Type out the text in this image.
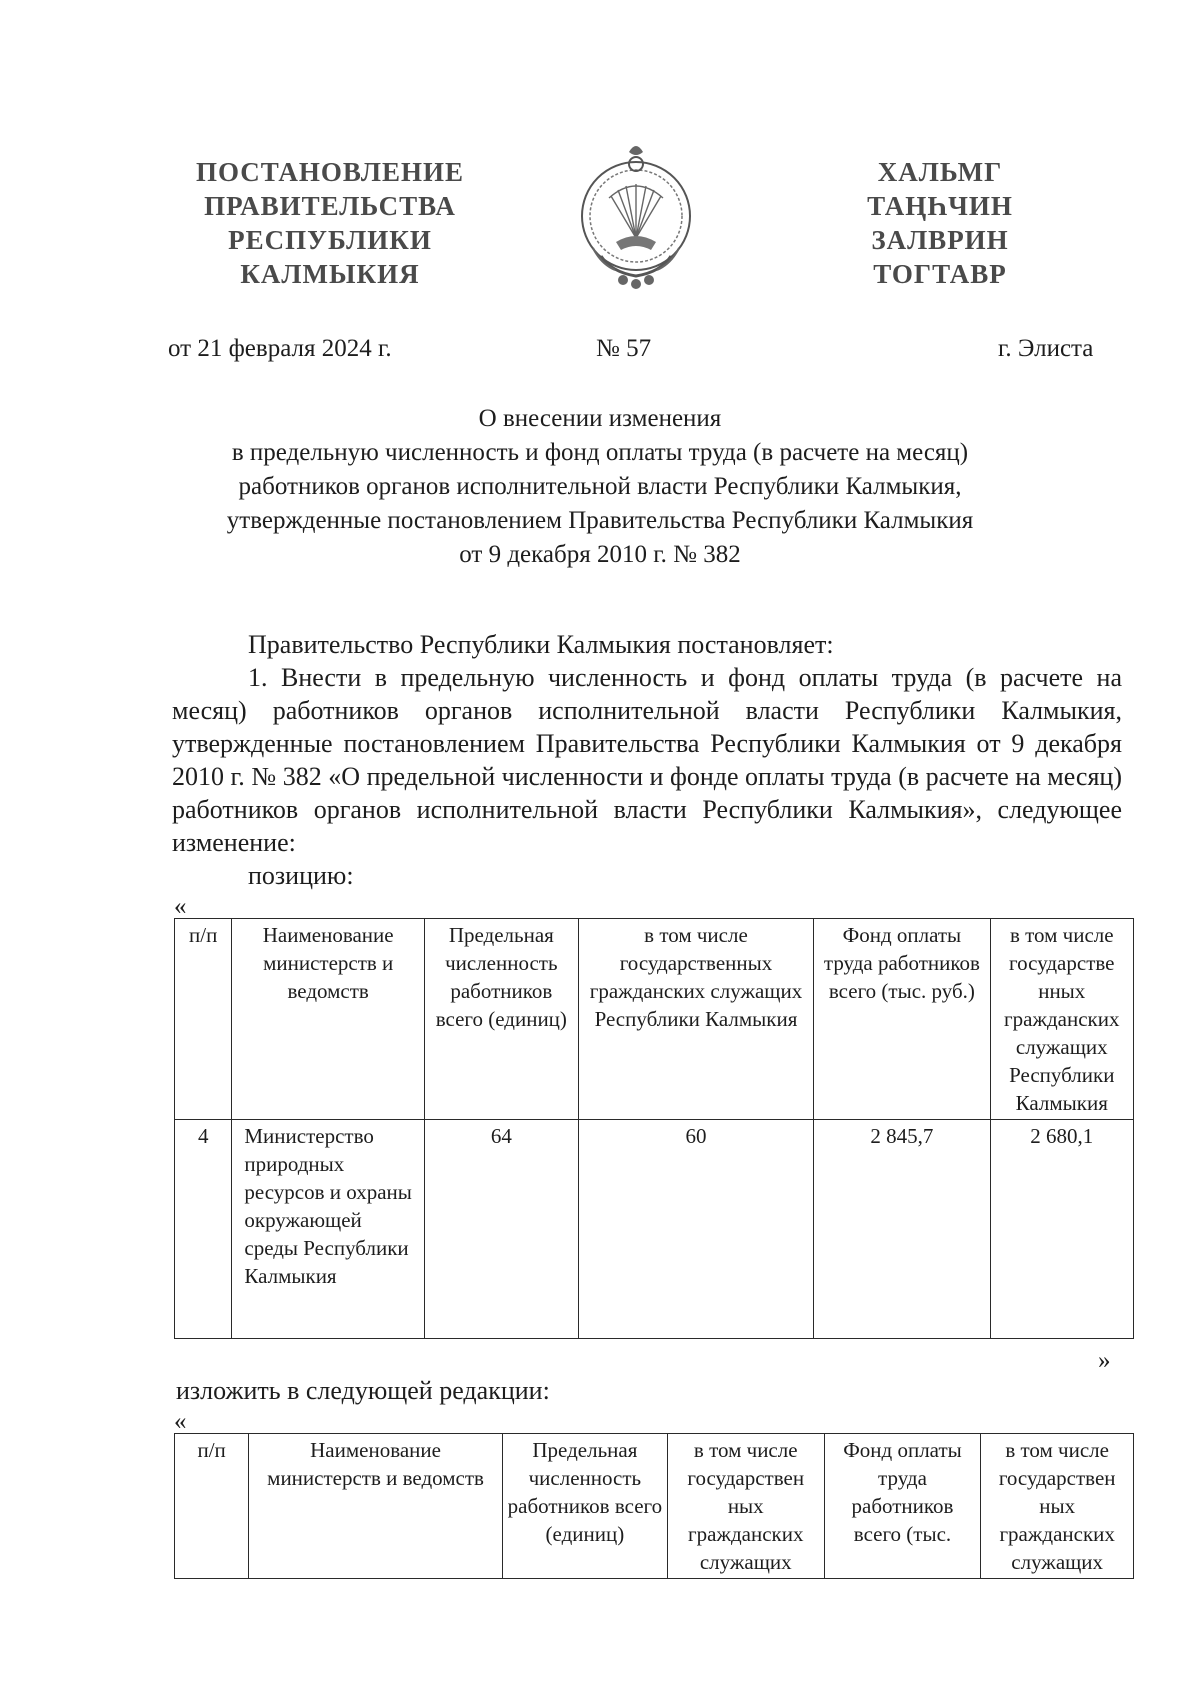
ПОСТАНОВЛЕНИЕ
ПРАВИТЕЛЬСТВА
РЕСПУБЛИКИ
КАЛМЫКИЯ
ХАЛЬМГ
ТАҢҺЧИН
ЗАЛВРИН
ТОГТАВР
от 21 февраля 2024 г.	№ 57	г. Элиста
О внесении изменения
в предельную численность и фонд оплаты труда (в расчете на месяц)
работников органов исполнительной власти Республики Калмыкия,
утвержденные постановлением Правительства Республики Калмыкия
от 9 декабря 2010 г. № 382
Правительство Республики Калмыкия постановляет:
1. Внести в предельную численность и фонд оплаты труда (в расчете на месяц) работников органов исполнительной власти Республики Калмыкия, утвержденные постановлением Правительства Республики Калмыкия от 9 декабря 2010 г. № 382 «О предельной численности и фонде оплаты труда (в расчете на месяц) работников органов исполнительной власти Республики Калмыкия», следующее изменение:
позицию:
«
п/п	Наименование министерств и ведомств	Предельная численность работников всего (единиц)	в том числе государственных гражданских служащих Республики Калмыкия	Фонд оплаты труда работников всего (тыс. руб.)	в том числе государстве нных гражданских служащих Республики Калмыкия
4	Министерство природных ресурсов и охраны окружающей среды Республики Калмыкия	64	60	2 845,7	2 680,1
»
изложить в следующей редакции:
«
п/п	Наименование министерств и ведомств	Предельная численность работников всего (единиц)	в том числе государствен ных гражданских служащих	Фонд оплаты труда работников всего (тыс.	в том числе государствен ных гражданских служащих
